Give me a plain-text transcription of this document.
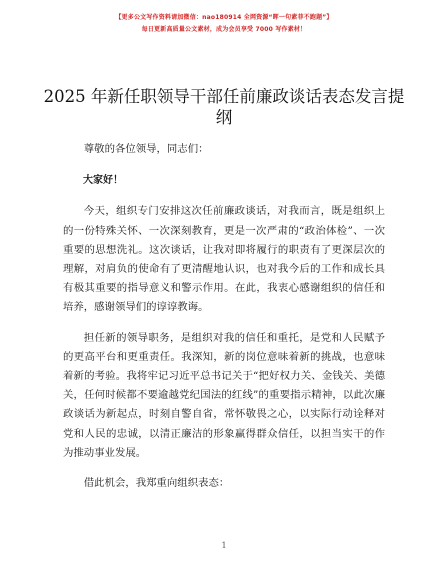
【更多公文写作资料请加微信：nao180914 全网资源“晖一句素菲不跑题”】
每日更新高质量公文素材，成为会员享受 7000 写作素材！
2025 年新任职领导干部任前廉政谈话表态发言提纲

尊敬的各位领导，同志们：

大家好！

今天，组织专门安排这次任前廉政谈话，对我而言，既是组织上的一份特殊关怀、一次深刻教育，更是一次严肃的“政治体检”、一次重要的思想洗礼。这次谈话，让我对即将履行的职责有了更深层次的理解，对肩负的使命有了更清醒地认识，也对我今后的工作和成长具有极其重要的指导意义和警示作用。在此，我衷心感谢组织的信任和培养，感谢领导们的谆谆教诲。

担任新的领导职务，是组织对我的信任和重托，是党和人民赋予的更高平台和更重责任。我深知，新的岗位意味着新的挑战，也意味着新的考验。我将牢记习近平总书记关于“把好权力关、金钱关、美德关，任何时候都不要逾越党纪国法的红线”的重要指示精神，以此次廉政谈话为新起点，时刻自警自省，常怀敬畏之心，以实际行动诠释对党和人民的忠诚，以清正廉洁的形象赢得群众信任，以担当实干的作为推动事业发展。

借此机会，我郑重向组织表态：

1
